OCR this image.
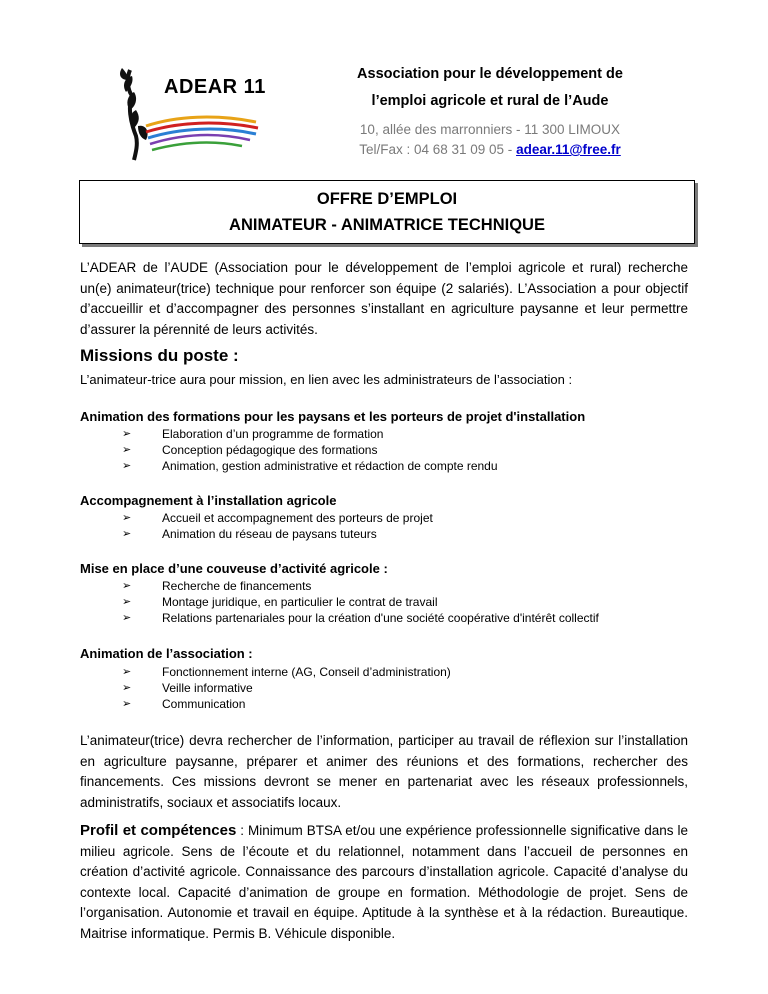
ADEAR 11
Association pour le développement de
l’emploi agricole et rural de l’Aude
10, allée des marronniers - 11 300 LIMOUX
Tel/Fax : 04 68 31 09 05 - adear.11@free.fr
OFFRE D’EMPLOI
ANIMATEUR - ANIMATRICE TECHNIQUE
L’ADEAR de l’AUDE (Association pour le développement de l’emploi agricole et rural) recherche un(e) animateur(trice) technique pour renforcer son équipe (2 salariés). L’Association a pour objectif d’accueillir et d’accompagner des personnes s’installant en agriculture paysanne et leur permettre d’assurer la pérennité de leurs activités.
Missions du poste :
L’animateur-trice aura pour mission, en lien avec les administrateurs de l’association :
Animation des formations pour les paysans et les porteurs de projet d'installation
➢	Elaboration d’un programme de formation
➢	Conception pédagogique des formations
➢	Animation, gestion administrative et rédaction de compte rendu
Accompagnement à l’installation agricole
➢	Accueil et accompagnement des porteurs de projet
➢	Animation du réseau de paysans tuteurs
Mise en place d’une couveuse d’activité agricole :
➢	Recherche de financements
➢	Montage juridique, en particulier le contrat de travail
➢	Relations partenariales pour la création d'une société coopérative d'intérêt collectif
Animation de l’association :
➢	Fonctionnement interne (AG, Conseil d’administration)
➢	Veille informative
➢	Communication
L’animateur(trice) devra rechercher de l’information, participer au travail de réflexion sur l’installation en agriculture paysanne, préparer et animer des réunions et des formations, rechercher des financements. Ces missions devront se mener en partenariat avec les réseaux professionnels, administratifs, sociaux et associatifs locaux.
Profil et compétences : Minimum BTSA et/ou une expérience professionnelle significative dans le milieu agricole. Sens de l’écoute et du relationnel, notamment dans l’accueil de personnes en création d’activité agricole. Connaissance des parcours d’installation agricole. Capacité d’analyse du contexte local. Capacité d’animation de groupe en formation. Méthodologie de projet. Sens de l’organisation. Autonomie et travail en équipe. Aptitude à la synthèse et à la rédaction. Bureautique. Maitrise informatique. Permis B. Véhicule disponible.
